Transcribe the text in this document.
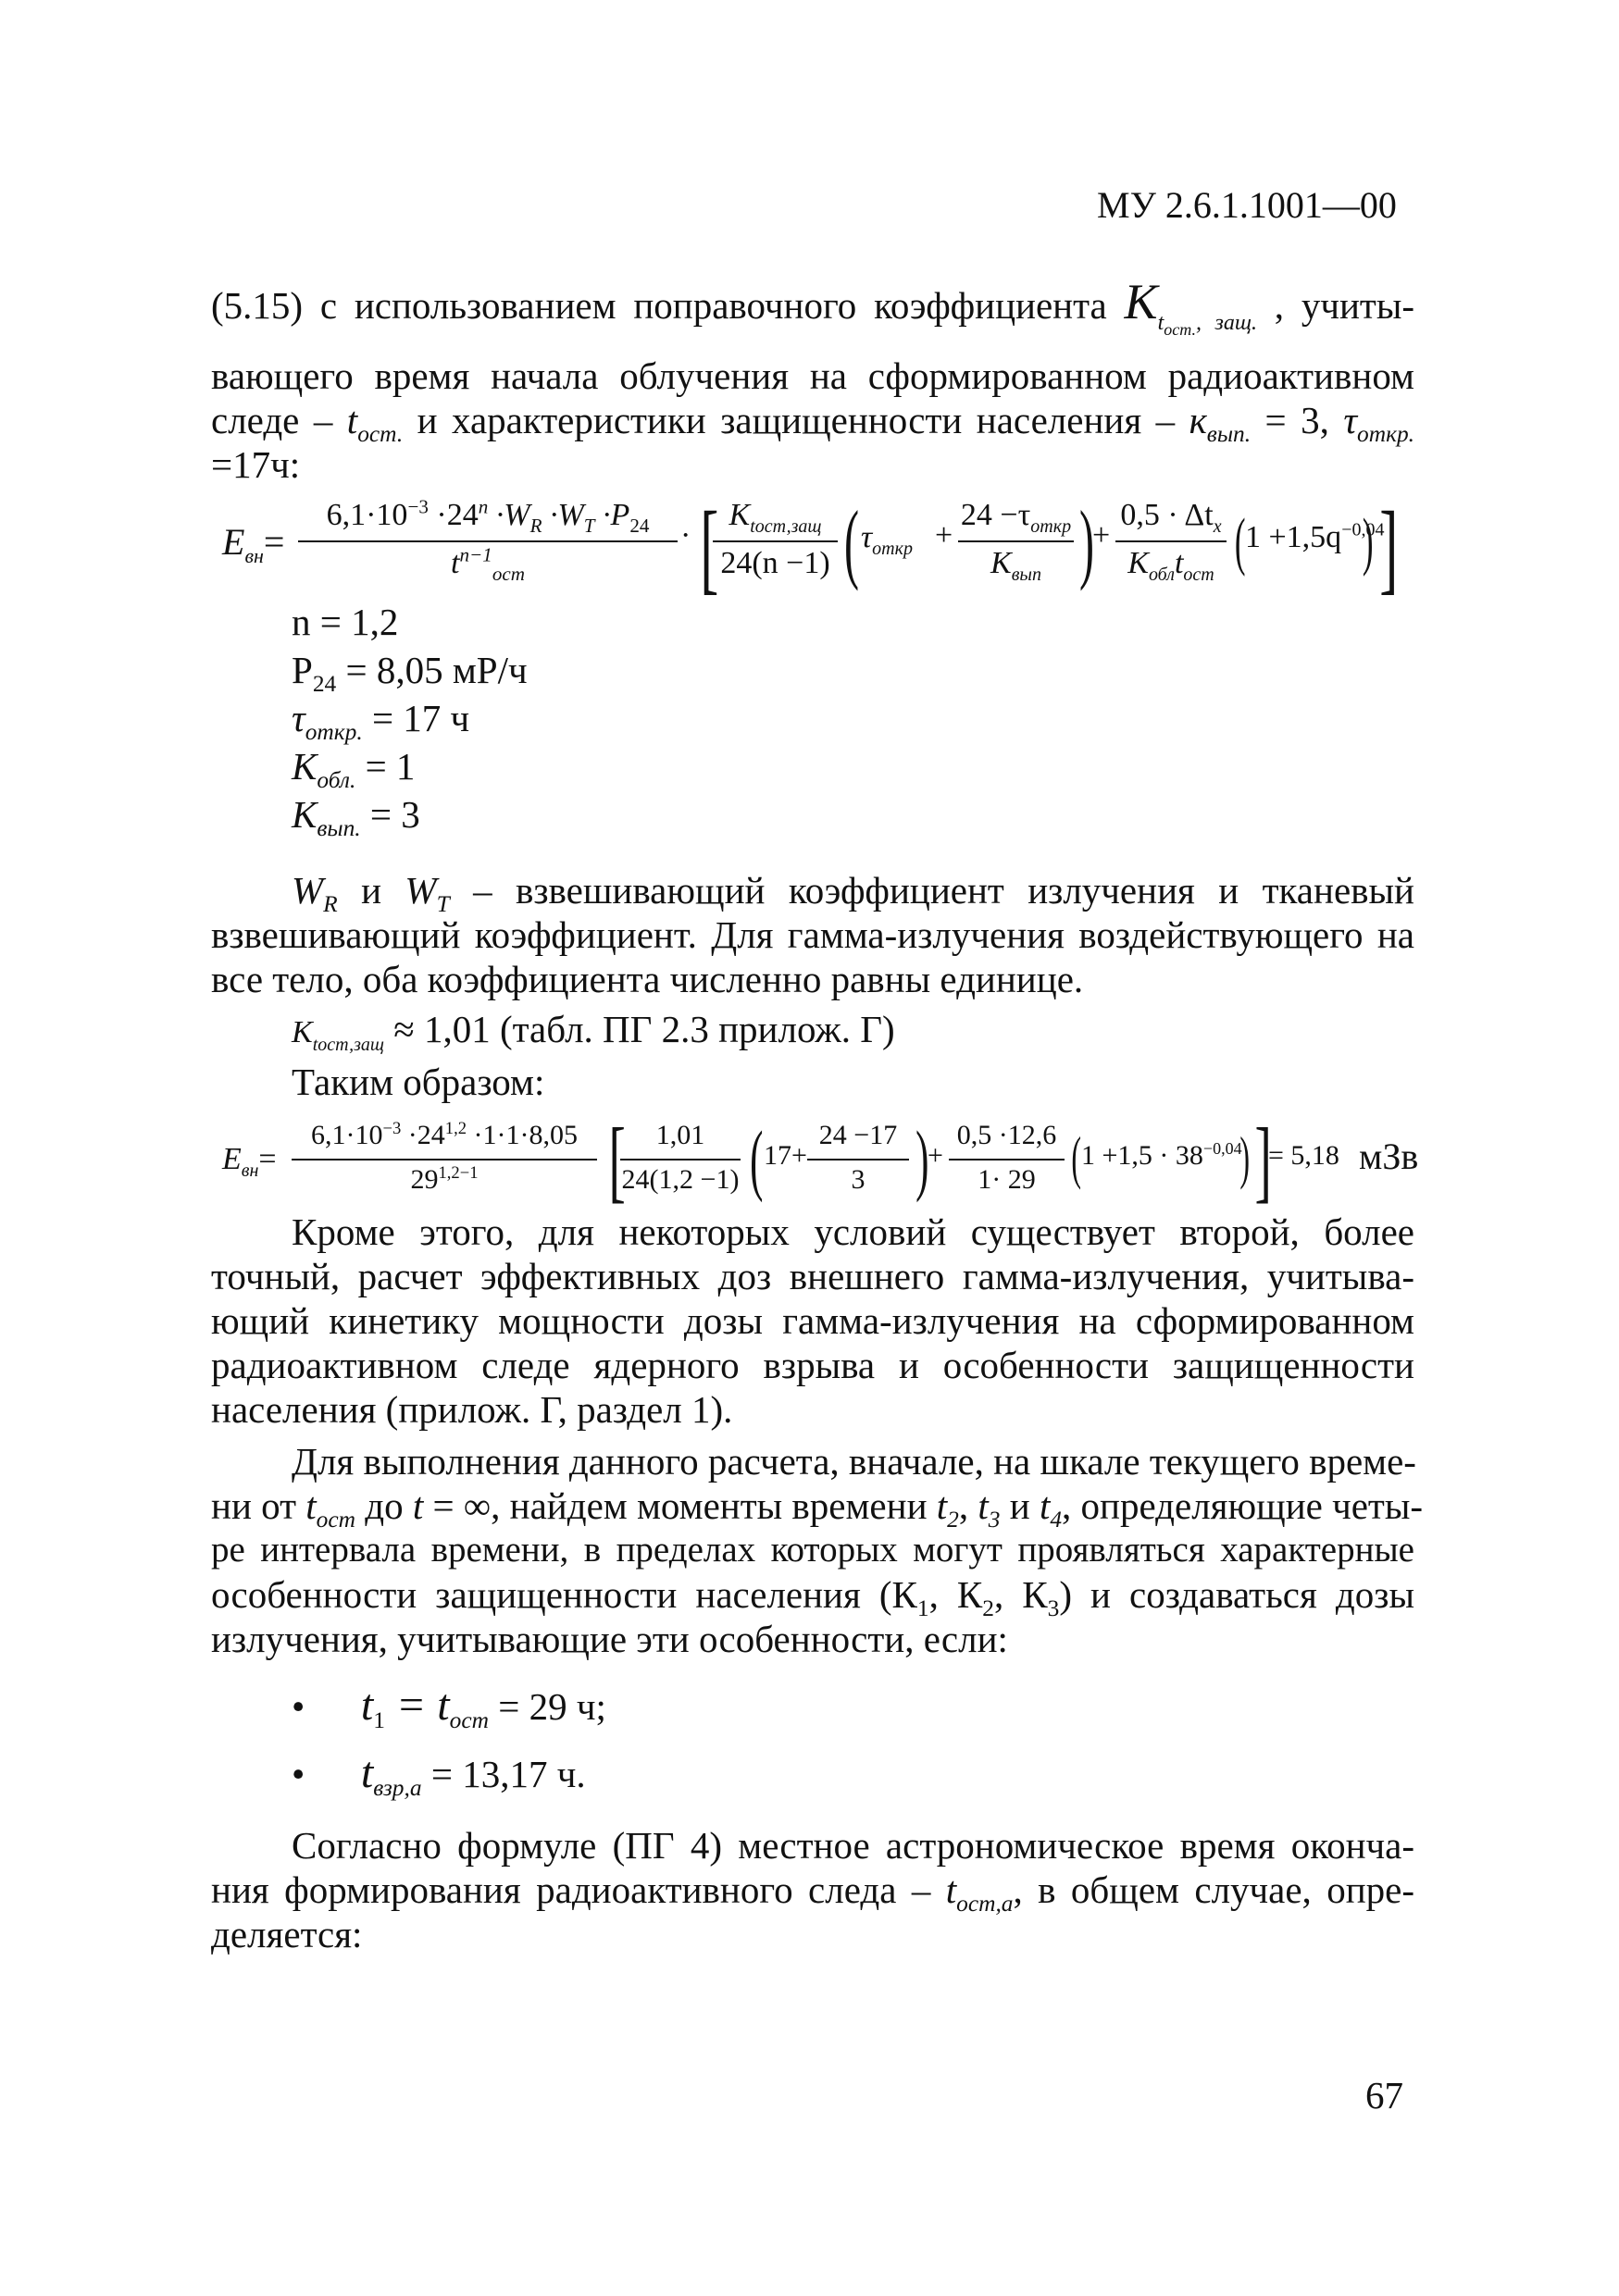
МУ 2.6.1.1001—00
(5.15) с использованием поправочного коэффициента $K_{t_{ост.}, защ.}$ , учиты-
вающего время начала облучения на сформированном радиоактивном
следе – $t_{ост.}$ и характеристики защищенности населения – $к_{вып.} = 3$, $\tau_{откр.}$
=17ч:
$E_{вн}=$
$6,1\cdot 10^{-3} \cdot 24^n \cdot W_R \cdot W_T \cdot P_{24}$
$t^{n-1}_{ост}$
· [	]
$K_{tост,защ}$
24(n −1) ( $\tau_{откр}$ +
$24 -\tau_{откр}$
$K_{вып}$ )
+
$0,5 \cdot \Delta t_x$
$K_{обл}t_{ост}$ ( $1 +1,5q^{-0,04}$
)
n = 1,2
$P_{24} = 8,05$ мР/ч
$\tau_{откр.} = 17$ ч
$K_{обл.} = 1$
$K_{вып.} = 3$
$W_R$ и $W_T$ – взвешивающий коэффициент излучения и тканевый
взвешивающий коэффициент. Для гамма-излучения воздействующего на
все тело, оба коэффициента численно равны единице.
$K_{tост,защ} \approx 1,01$ (табл. ПГ 2.3 прилож. Г)
Таким образом:
$E_{вн}=$
$6,1\cdot 10^{-3} \cdot 24^{1,2} \cdot 1\cdot 1\cdot 8,05$
$29^{1,2-1}$	[	]
1,01
24(1,2 −1) ( 17+
24 −17
3 )
+
0,5 ·12,6
1· 29 ( $1 +1,5 \cdot 38^{-0,04}$
) = 5,18 мЗв
Кроме этого, для некоторых условий существует второй, более
точный, расчет эффективных доз внешнего гамма-излучения, учитыва-
ющий кинетику мощности дозы гамма-излучения на сформированном
радиоактивном следе ядерного взрыва и особенности защищенности
населения (прилож. Г, раздел 1).
Для выполнения данного расчета, вначале, на шкале текущего време-
ни от $t_{ост}$ до t = ∞, найдем моменты времени $t_2$, $t_3$ и $t_4$, определяющие четы-
ре интервала времени, в пределах которых могут проявляться характерные
особенности защищенности населения ($К_1$, $К_2$, $К_3$) и создаваться дозы
излучения, учитывающие эти особенности, если:
• $t_1 = t_{ост} = 29$ ч;
• $t_{взр,а} = 13,17$ ч.
Согласно формуле (ПГ 4) местное астрономическое время оконча-
ния формирования радиоактивного следа – $t_{ост,а}$, в общем случае, опре-
деляется:
67
